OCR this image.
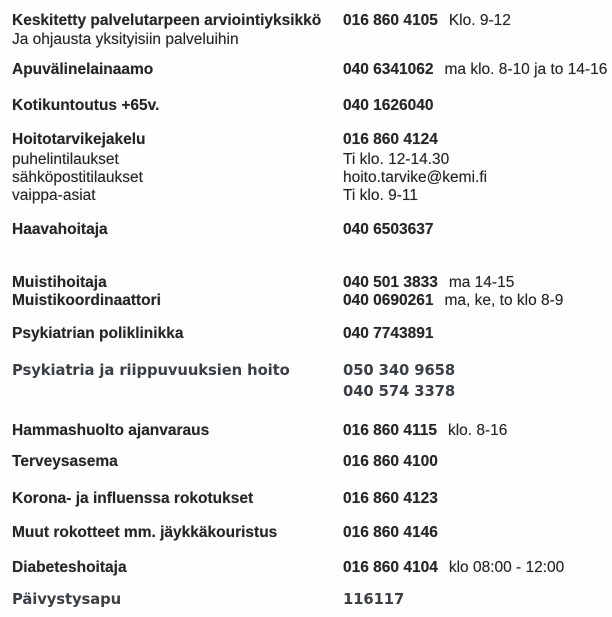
Keskitetty palvelutarpeen arviointiyksikkö 016 860 4105 Klo. 9-12
Ja ohjausta yksityisiin palveluihin
Apuvälinelainaamo	040 6341062 ma klo. 8-10 ja to 14-16
Kotikuntoutus +65v.	040 1626040
Hoitotarvikejakelu	016 860 4124
puhelintilaukset	Ti klo. 12-14.30
sähköpostitilaukset	hoito.tarvike@kemi.fi
vaippa-asiat	Ti klo. 9-11
Haavahoitaja	040 6503637
Muistihoitaja	040 501 3833 ma 14-15
Muistikoordinaattori	040 0690261 ma, ke, to klo 8-9
Psykiatrian poliklinikka	040 7743891
Psykiatria ja riippuvuuksien hoito	050 340 9658
040 574 3378
Hammashuolto ajanvaraus	016 860 4115 klo. 8-16
Terveysasema	016 860 4100
Korona- ja influenssa rokotukset	016 860 4123
Muut rokotteet mm. jäykkäkouristus	016 860 4146
Diabeteshoitaja	016 860 4104 klo 08:00 - 12:00
Päivystysapu	116117
